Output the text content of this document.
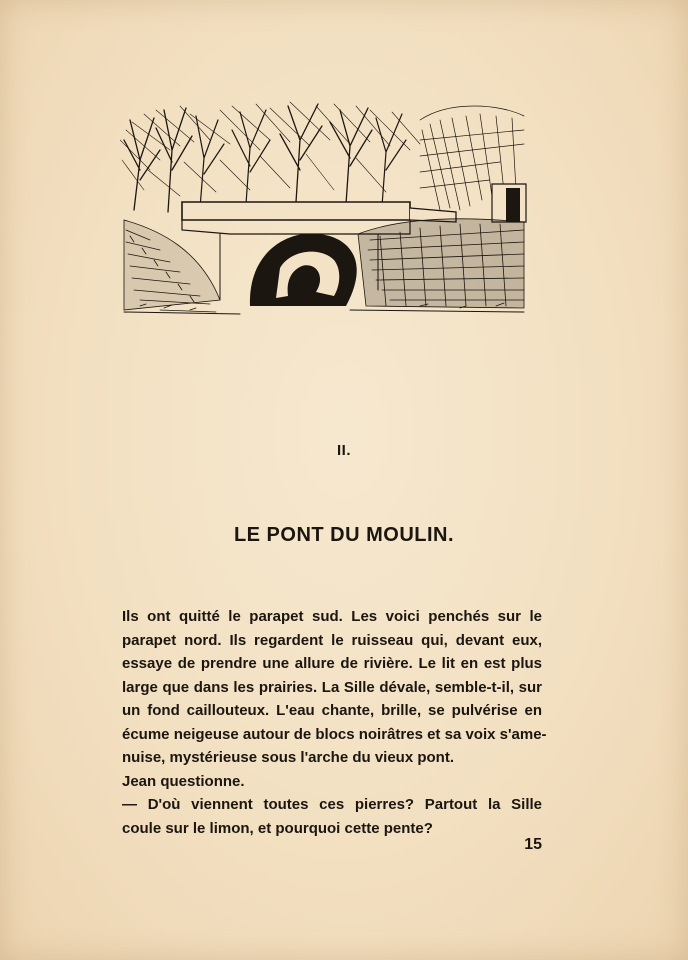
II.
LE PONT DU MOULIN.
Ils ont quitté le parapet sud. Les voici penchés sur le
parapet nord. Ils regardent le ruisseau qui, devant eux,
essaye de prendre une allure de rivière. Le lit en est plus
large que dans les prairies. La Sille dévale, semble-t-il, sur
un fond caillouteux. L'eau chante, brille, se pulvérise en
écume neigeuse autour de blocs noirâtres et sa voix s'ame-
nuise, mystérieuse sous l'arche du vieux pont.
Jean questionne.
— D'où viennent toutes ces pierres? Partout la Sille
coule sur le limon, et pourquoi cette pente?
15
